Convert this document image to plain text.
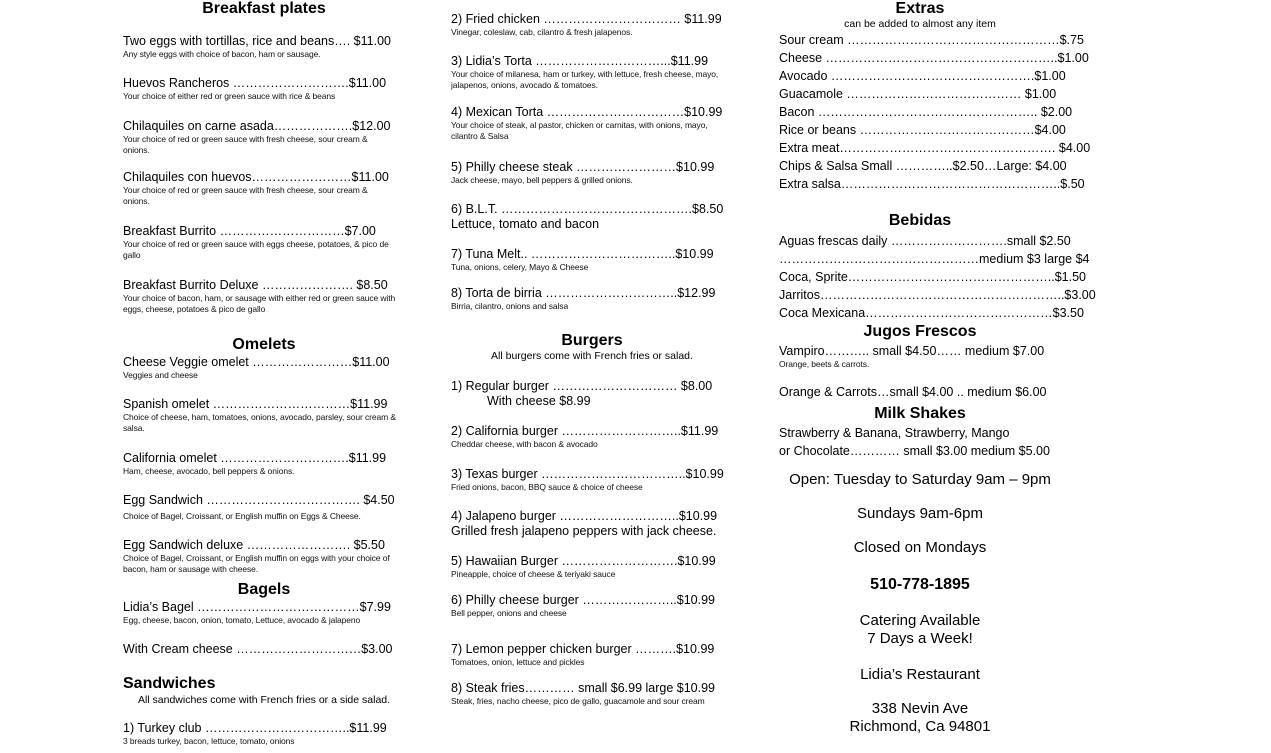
Breakfast plates
Two eggs with tortillas, rice and beans…. $11.00
Any style eggs with choice of bacon, ham or sausage.
Huevos Rancheros ……………………….$11.00
Your choice of either red or green sauce with rice & beans
Chilaquiles on carne asada……………….$12.00
Your choice of red or green sauce with fresh cheese, sour cream & onions.
Chilaquiles con huevos……………………$11.00
Your choice of red or green sauce with fresh cheese, sour cream & onions.
Breakfast Burrito …………………………$7.00
Your choice of red or green sauce with eggs cheese, potatoes, & pico de gallo
Breakfast Burrito Deluxe …………………. $8.50
Your choice of bacon, ham, or sausage with either red or green sauce with eggs, cheese, potatoes & pico de gallo
Omelets
Cheese Veggie omelet ……………………$11.00
Veggies and cheese
Spanish omelet ……………………………$11.99
Choice of cheese, ham, tomatoes, onions, avocado, parsley, sour cream & salsa.
California omelet ………………………….$11.99
Ham, cheese, avocado, bell peppers & onions.
Egg Sandwich ………………………………. $4.50
Choice of Bagel, Croissant, or English muffin on Eggs & Cheese.
Egg Sandwich deluxe ……………………. $5.50
Choice of Bagel, Croissant, or English muffin on eggs with your choice of bacon, ham or sausage with cheese.
Bagels
Lidia’s Bagel …………………………………$7.99
Egg, cheese, bacon, onion, tomato, Lettuce, avocado & jalapeno
With Cream cheese …………………………$3.00
Sandwiches
All sandwiches come with French fries or a side salad.
1) Turkey club ……………………………..$11.99
3 breads turkey, bacon, lettuce, tomato, onions
2) Fried chicken …………………………… $11.99
Vinegar, coleslaw, cab, cilantro & fresh jalapenos.
3) Lidia’s Torta …………………………...$11.99
Your choice of milanesa, ham or turkey, with lettuce, fresh cheese, mayo, jalapenos, onions, avocado & tomatoes.
4) Mexican Torta ……………………………$10.99
Your choice of steak, al pastor, chicken or carnitas, with onions, mayo, cilantro & Salsa
5) Philly cheese steak ……………………$10.99
Jack cheese, mayo, bell peppers & grilled onions.
6) B.L.T. ……………………………………….$8.50
Lettuce, tomato and bacon
7) Tuna Melt.. ……………………………..$10.99
Tuna, onions, celery, Mayo & Cheese
8) Torta de birria …………………………..$12.99
Birria, cilantro, onions and salsa
Burgers
All burgers come with French fries or salad.
1) Regular burger ………………………… $8.00
With cheese $8.99
2) California burger ………………………..$11.99
Cheddar cheese, with bacon & avocado
3) Texas burger ……………………………..$10.99
Fried onions, bacon, BBQ sauce & choice of cheese
4) Jalapeno burger ………………………..$10.99
Grilled fresh jalapeno peppers with jack cheese.
5) Hawaiian Burger ……………………….$10.99
Pineapple, choice of cheese & teriyaki sauce
6) Philly cheese burger …………………..$10.99
Bell pepper, onions and cheese
7) Lemon pepper chicken burger ……….$10.99
Tomatoes, onion, lettuce and pickles
8) Steak fries………… small $6.99 large $10.99
Steak, fries, nacho cheese, pico de gallo, guacamole and sour cream
Extras
can be added to almost any item
Sour cream ……………………………………………$.75
Cheese ………………………………………………..$1.00
Avocado ………………………………………….$1.00
Guacamole …………………………………… $1.00
Bacon …………………………………………….. $2.00
Rice or beans ……………………………………$4.00
Extra meat……………………………………………. $4.00
Chips & Salsa Small …………..$2.50…Large: $4.00
Extra salsa……………………………………………..$.50
Bebidas
Aguas frescas daily ……………………….small $2.50
…………………………………………medium $3 large $4
Coca, Sprite…………………………………………..$1.50
Jarritos…………………………………………………..$3.00
Coca Mexicana………………………………………$3.50
Jugos Frescos
Vampiro……….. small $4.50…… medium $7.00
Orange, beets & carrots.
Orange & Carrots…small $4.00 .. medium $6.00
Milk Shakes
Strawberry & Banana, Strawberry, Mango
or Chocolate………… small $3.00 medium $5.00
Open: Tuesday to Saturday 9am – 9pm
Sundays 9am-6pm
Closed on Mondays
510-778-1895
Catering Available
7 Days a Week!
Lidia’s Restaurant
338 Nevin Ave
Richmond, Ca 94801
